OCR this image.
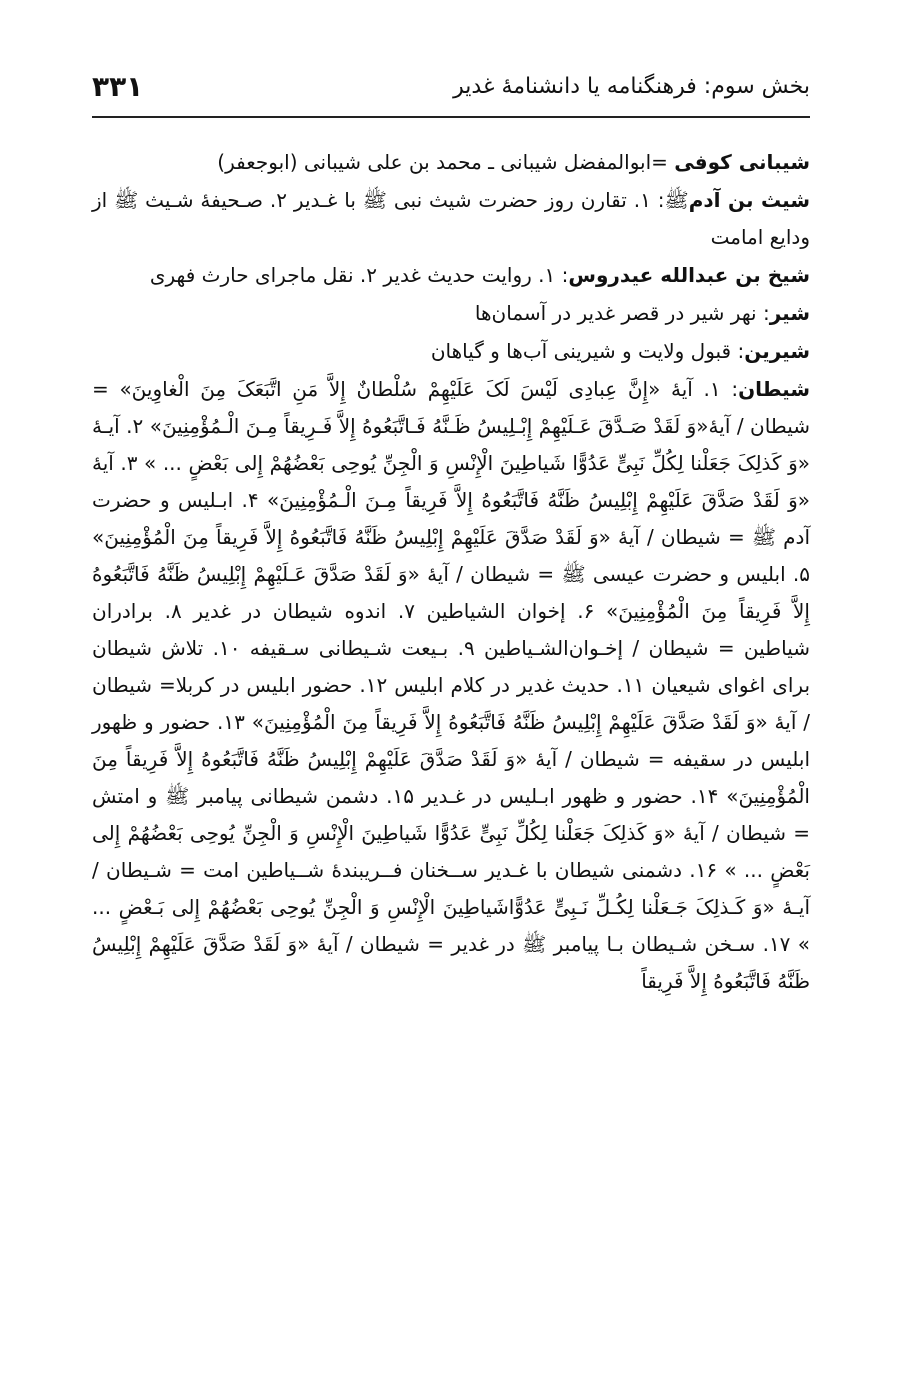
بخش سوم: فرهنگنامه یا دانشنامهٔ غدیر
۳۳۱
شیبانی کوفی =ابوالمفضل شیبانی ـ محمد بن علی شیبانی (ابوجعفر)
شیث بن آدمﷺ: ۱. تقارن روز حضرت شیث نبی ﷺ با غـدیر ۲. صـحیفهٔ شـیث ﷺ از ودایع امامت
شیخ بن عبدالله عیدروس: ۱. روایت حدیث غدیر ۲. نقل ماجرای حارث فهری
شیر: نهر شیر در قصر غدیر در آسمان‌ها
شیرین: قبول ولایت و شیرینی آب‌ها و گیاهان
شیطان: ۱. آیهٔ «إِنَّ عِبادِی لَیْسَ لَکَ عَلَیْهِمْ سُلْطانٌ إِلاَّ مَنِ اتَّبَعَکَ مِنَ الْغاوِینَ» = شیطان / آیهٔ«وَ لَقَدْ صَـدَّقَ عَـلَیْهِمْ إِبْـلِیسُ ظَـنَّهُ فَـاتَّبَعُوهُ إِلاَّ فَـرِیقاً مِـنَ الْـمُؤْمِنِینَ» ۲. آیـهٔ «وَ کَذلِکَ جَعَلْنا لِکُلِّ نَبِیٍّ عَدُوًّا شَیاطِینَ الْإِنْسِ وَ الْجِنِّ یُوحِی بَعْضُهُمْ إِلی بَعْضٍ ... » ۳. آیهٔ «وَ لَقَدْ صَدَّقَ عَلَیْهِمْ إِبْلِیسُ ظَنَّهُ فَاتَّبَعُوهُ إِلاَّ فَرِیقاً مِـنَ الْـمُؤْمِنِینَ» ۴. ابـلیس و حضرت آدم ﷺ = شیطان / آیهٔ «وَ لَقَدْ صَدَّقَ عَلَیْهِمْ إِبْلِیسُ ظَنَّهُ فَاتَّبَعُوهُ إِلاَّ فَرِیقاً مِنَ الْمُؤْمِنِینَ» ۵. ابلیس و حضرت عیسی ﷺ = شیطان / آیهٔ «وَ لَقَدْ صَدَّقَ عَـلَیْهِمْ إِبْلِیسُ ظَنَّهُ فَاتَّبَعُوهُ إِلاَّ فَرِیقاً مِنَ الْمُؤْمِنِینَ» ۶. إخوان الشیاطین ۷. اندوه شیطان در غدیر ۸. برادران شیاطین = شیطان / إخـوان‌الشـیاطین ۹. بـیعت شـیطانی سـقیفه ۱۰. تلاش شیطان برای اغوای شیعیان ۱۱. حدیث غدیر در کلام ابلیس ۱۲. حضور ابلیس در کربلا= شیطان / آیهٔ «وَ لَقَدْ صَدَّقَ عَلَیْهِمْ إِبْلِیسُ ظَنَّهُ فَاتَّبَعُوهُ إِلاَّ فَرِیقاً مِنَ الْمُؤْمِنِینَ» ۱۳. حضور و ظهور ابلیس در سقیفه = شیطان / آیهٔ «وَ لَقَدْ صَدَّقَ عَلَیْهِمْ إِبْلِیسُ ظَنَّهُ فَاتَّبَعُوهُ إِلاَّ فَرِیقاً مِنَ الْمُؤْمِنِینَ» ۱۴. حضور و ظهور ابـلیس در غـدیر ۱۵. دشمن شیطانی پیامبر ﷺ و امتش = شیطان / آیهٔ «وَ کَذلِکَ جَعَلْنا لِکُلِّ نَبِیٍّ عَدُوًّا شَیاطِینَ الْإِنْسِ وَ الْجِنِّ یُوحِی بَعْضُهُمْ إِلی بَعْضٍ ... » ۱۶. دشمنی شیطان با غـدیر ســخنان فــریبندهٔ شــیاطین امت = شـیطان / آیـهٔ «وَ کَـذلِکَ جَـعَلْنا لِکُـلِّ نَـبِیٍّ عَدُوًّاشَیاطِینَ الْإِنْسِ وَ الْجِنِّ یُوحِی بَعْضُهُمْ إِلی بَـعْضٍ ... » ۱۷. سـخن شـیطان بـا پیامبر ﷺ در غدیر = شیطان / آیهٔ «وَ لَقَدْ صَدَّقَ عَلَیْهِمْ إِبْلِیسُ ظَنَّهُ فَاتَّبَعُوهُ إِلاَّ فَرِیقاً
